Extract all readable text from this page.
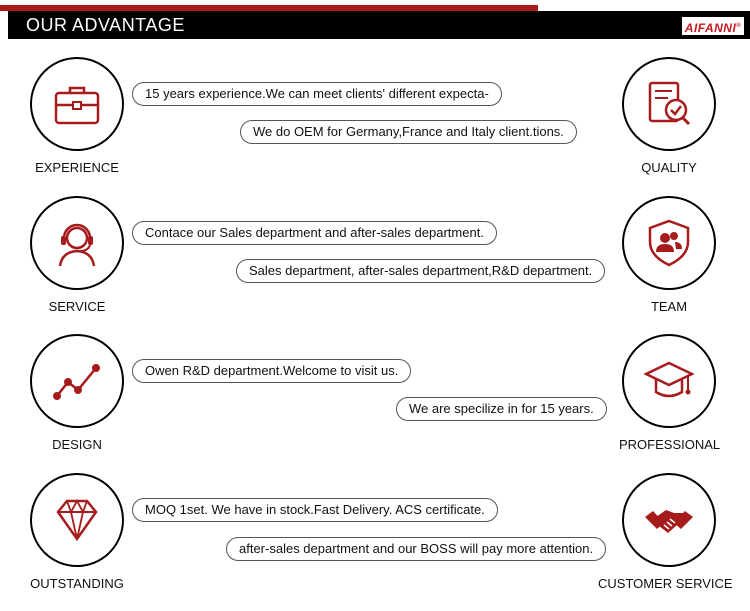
OUR ADVANTAGE	AIFANNI®
EXPERIENCE	QUALITY
15 years experience.We can meet clients' different expecta-
We do OEM for Germany,France and Italy client.tions.
SERVICE	TEAM
Contace our Sales department and after-sales department.
Sales department, after-sales department,R&D department.
DESIGN	PROFESSIONAL
Owen R&D department.Welcome to visit us.
We are specilize in for 15 years.
OUTSTANDING	CUSTOMER SERVICE
MOQ 1set. We have in stock.Fast Delivery. ACS certificate.
after-sales department and our BOSS will pay more attention.
